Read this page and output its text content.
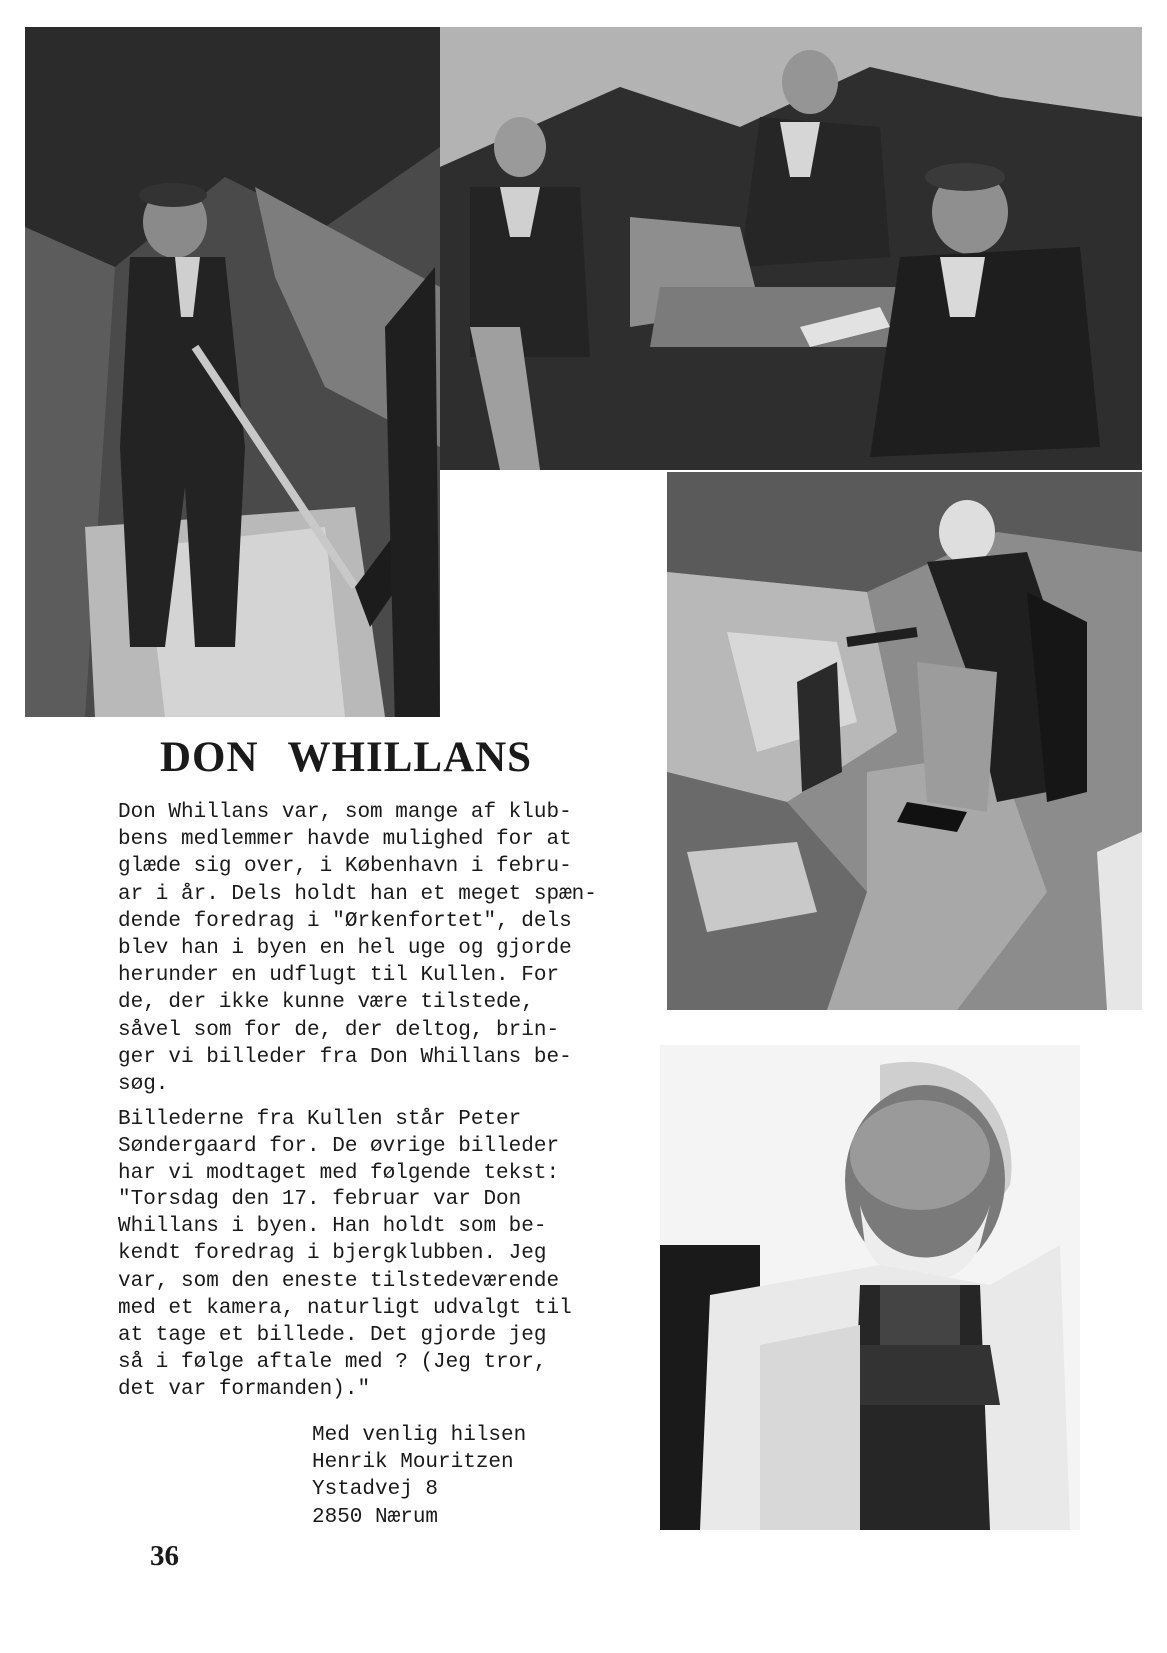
DON WHILLANS
Don Whillans var, som mange af klub-
bens medlemmer havde mulighed for at
glæde sig over, i København i febru-
ar i år. Dels holdt han et meget spæn-
dende foredrag i "Ørkenfortet", dels
blev han i byen en hel uge og gjorde
herunder en udflugt til Kullen. For
de, der ikke kunne være tilstede,
såvel som for de, der deltog, brin-
ger vi billeder fra Don Whillans be-
søg.
Billederne fra Kullen står Peter
Søndergaard for. De øvrige billeder
har vi modtaget med følgende tekst:
"Torsdag den 17. februar var Don
Whillans i byen. Han holdt som be-
kendt foredrag i bjergklubben. Jeg
var, som den eneste tilstedeværende
med et kamera, naturligt udvalgt til
at tage et billede. Det gjorde jeg
så i følge aftale med ? (Jeg tror,
det var formanden)."
Med venlig hilsen
Henrik Mouritzen
Ystadvej 8
2850 Nærum
36
